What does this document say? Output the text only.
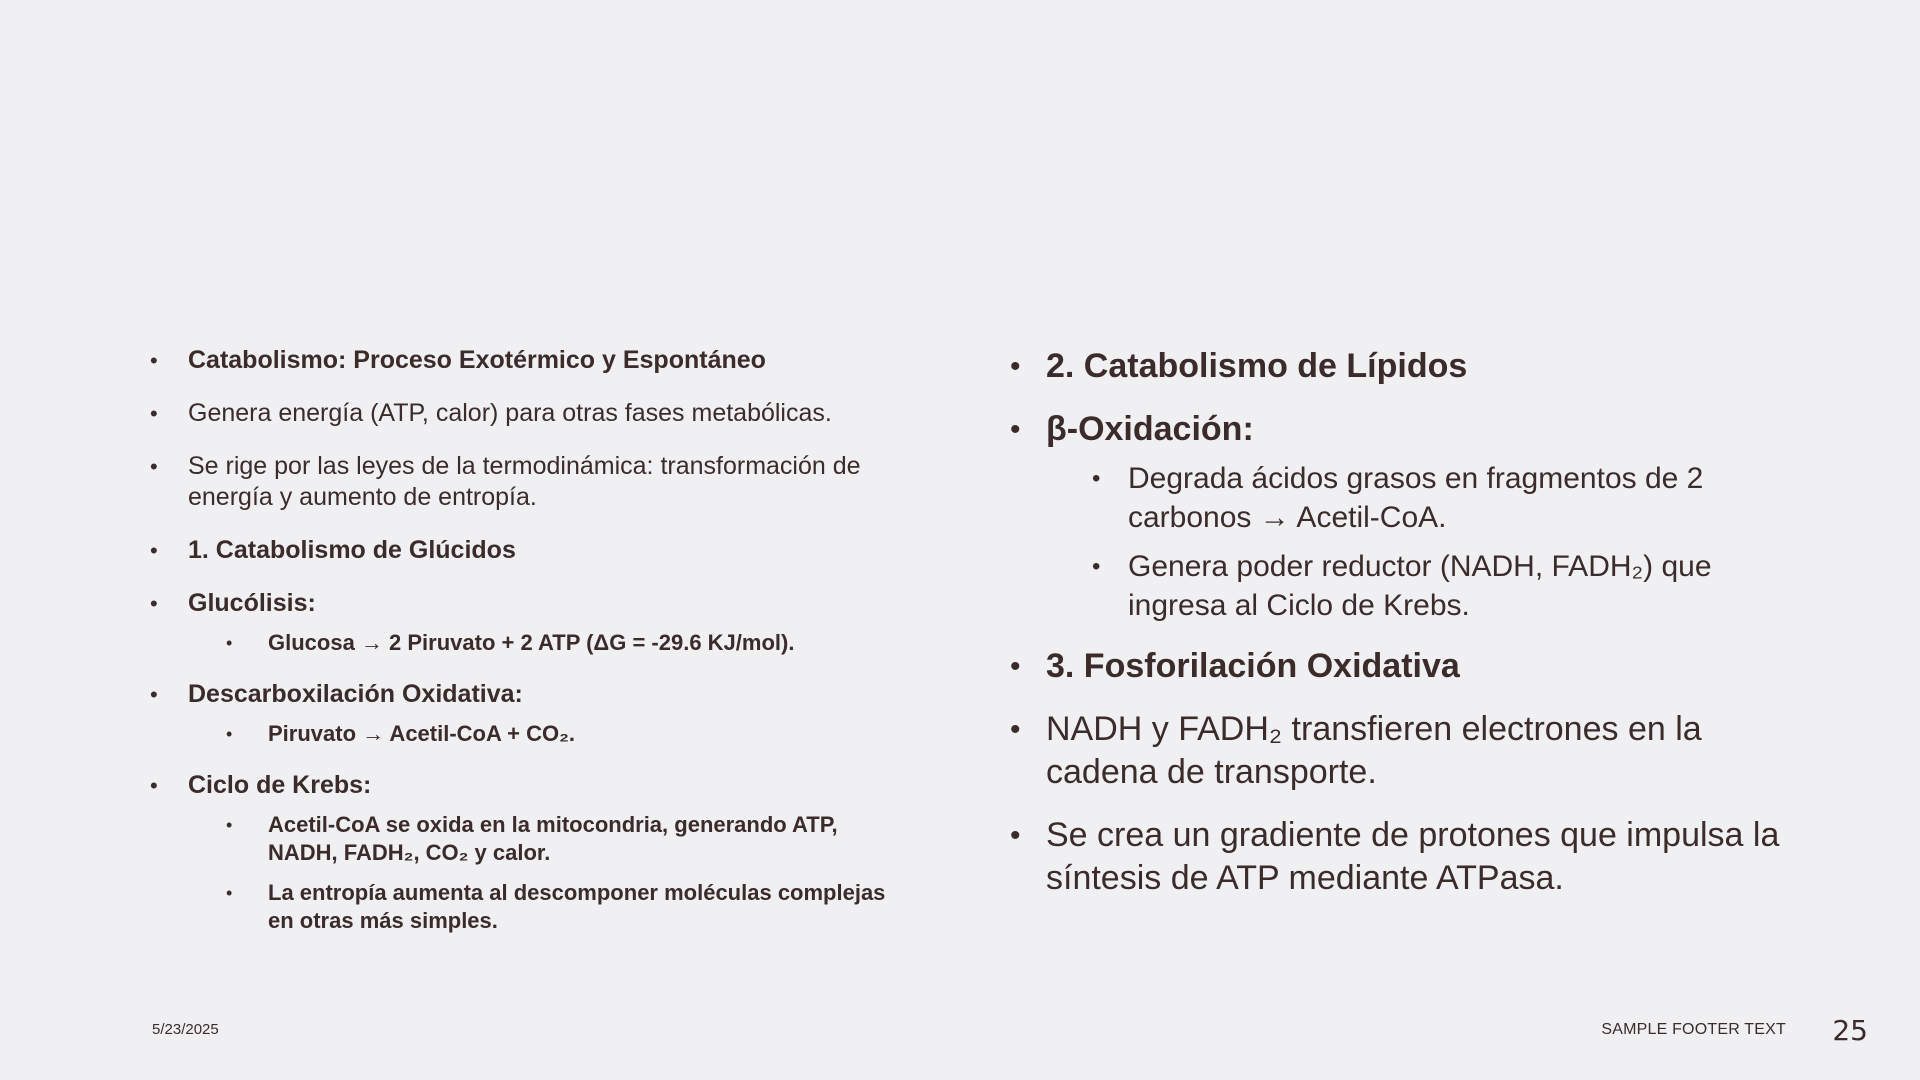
• Catabolismo: Proceso Exotérmico y Espontáneo
• Genera energía (ATP, calor) para otras fases metabólicas.
• Se rige por las leyes de la termodinámica: transformación de energía y aumento de entropía.
• 1. Catabolismo de Glúcidos
• Glucólisis:
• Glucosa → 2 Piruvato + 2 ATP (ΔG = -29.6 KJ/mol).
• Descarboxilación Oxidativa:
• Piruvato → Acetil-CoA + CO₂.
• Ciclo de Krebs:
• Acetil-CoA se oxida en la mitocondria, generando ATP, NADH, FADH₂, CO₂ y calor.
• La entropía aumenta al descomponer moléculas complejas en otras más simples.
• 2. Catabolismo de Lípidos
• β-Oxidación:
• Degrada ácidos grasos en fragmentos de 2 carbonos → Acetil-CoA.
• Genera poder reductor (NADH, FADH₂) que ingresa al Ciclo de Krebs.
• 3. Fosforilación Oxidativa
• NADH y FADH₂ transfieren electrones en la cadena de transporte.
• Se crea un gradiente de protones que impulsa la síntesis de ATP mediante ATPasa.
5/23/2025	SAMPLE FOOTER TEXT 25
